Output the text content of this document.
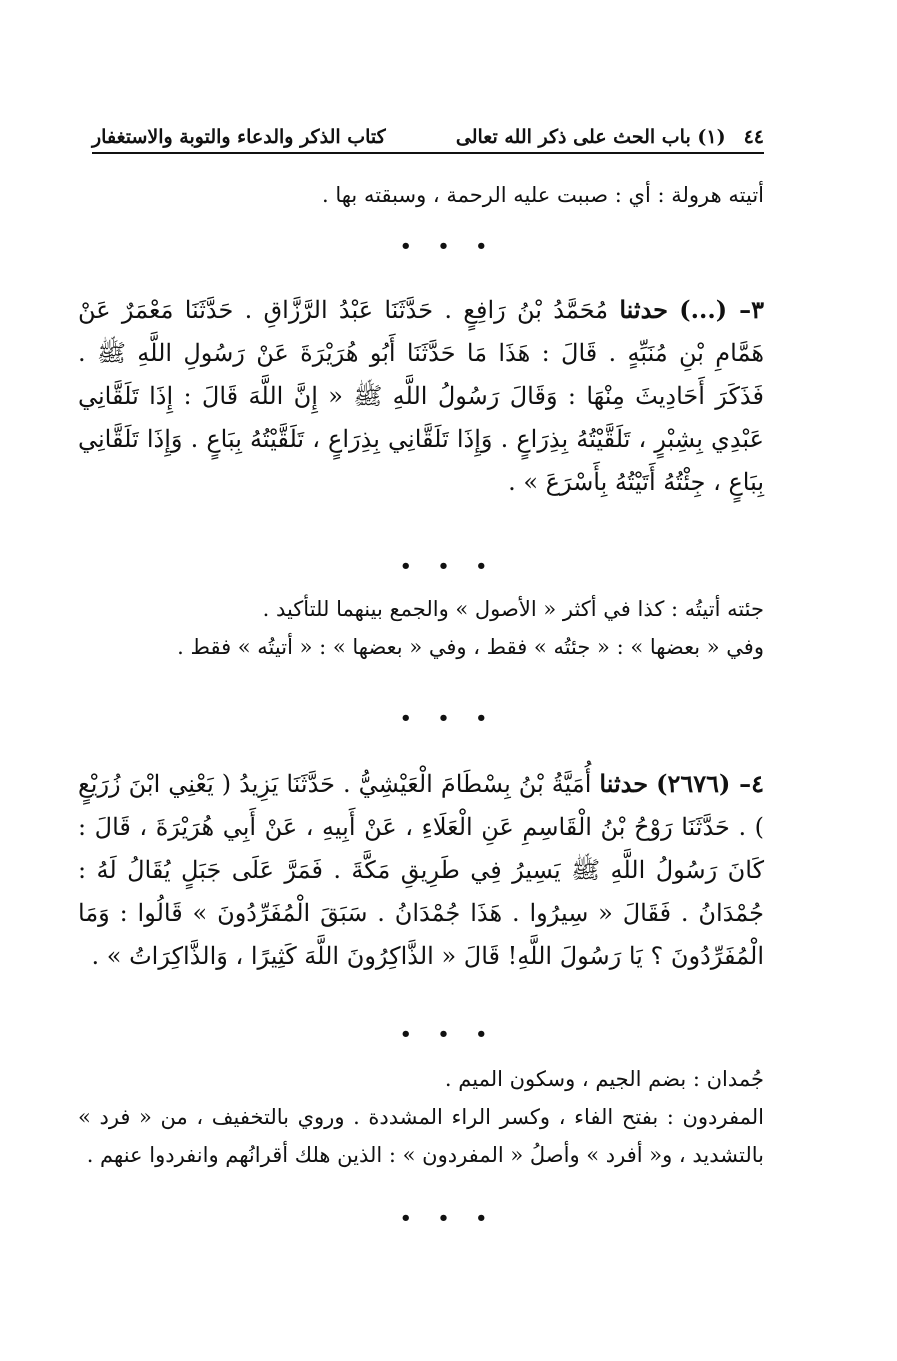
٤٤
(١) باب الحث على ذكر الله تعالى
كتاب الذكر والدعاء والتوبة والاستغفار
أتيته هرولة : أي : صببت عليه الرحمة ، وسبقته بها .
• • •
٣– (...) حدثنا مُحَمَّدُ بْنُ رَافِعٍ . حَدَّثَنَا عَبْدُ الرَّزَّاقِ . حَدَّثَنَا مَعْمَرٌ عَنْ هَمَّامِ بْنِ مُنَبِّهٍ . قَالَ : هَذَا مَا حَدَّثَنَا أَبُو هُرَيْرَةَ عَنْ رَسُولِ اللَّهِ ﷺ . فَذَكَرَ أَحَادِيثَ مِنْهَا : وَقَالَ رَسُولُ اللَّهِ ﷺ « إِنَّ اللَّهَ قَالَ : إِذَا تَلَقَّانِي عَبْدِي بِشِبْرٍ ، تَلَقَّيْتُهُ بِذِرَاعٍ . وَإِذَا تَلَقَّانِي بِذِرَاعٍ ، تَلَقَّيْتُهُ بِبَاعٍ . وَإِذَا تَلَقَّانِي بِبَاعٍ ، جِئْتُهُ أَتَيْتُهُ بِأَسْرَعَ » .
• • •
جئته أتيتُه : كذا في أكثر « الأصول » والجمع بينهما للتأكيد .
وفي « بعضها » : « جئتُه » فقط ، وفي « بعضها » : « أتيتُه » فقط .
• • •
٤– (٢٦٧٦) حدثنا أُمَيَّةُ بْنُ بِسْطَامَ الْعَيْشِيُّ . حَدَّثَنَا يَزِيدُ ( يَعْنِي ابْنَ زُرَيْعٍ ) . حَدَّثَنَا رَوْحُ بْنُ الْقَاسِمِ عَنِ الْعَلَاءِ ، عَنْ أَبِيهِ ، عَنْ أَبِي هُرَيْرَةَ ، قَالَ : كَانَ رَسُولُ اللَّهِ ﷺ يَسِيرُ فِي طَرِيقِ مَكَّةَ . فَمَرَّ عَلَى جَبَلٍ يُقَالُ لَهُ : جُمْدَانُ . فَقَالَ « سِيرُوا . هَذَا جُمْدَانُ . سَبَقَ الْمُفَرِّدُونَ » قَالُوا : وَمَا الْمُفَرِّدُونَ ؟ يَا رَسُولَ اللَّهِ! قَالَ « الذَّاكِرُونَ اللَّهَ كَثِيرًا ، وَالذَّاكِرَاتُ » .
• • •
جُمدان : بضم الجيم ، وسكون الميم .
المفردون : بفتح الفاء ، وكسر الراء المشددة . وروي بالتخفيف ، من « فرد » بالتشديد ، و« أفرد » وأصلُ « المفردون » : الذين هلك أقرانُهم وانفردوا عنهم .
• • •
